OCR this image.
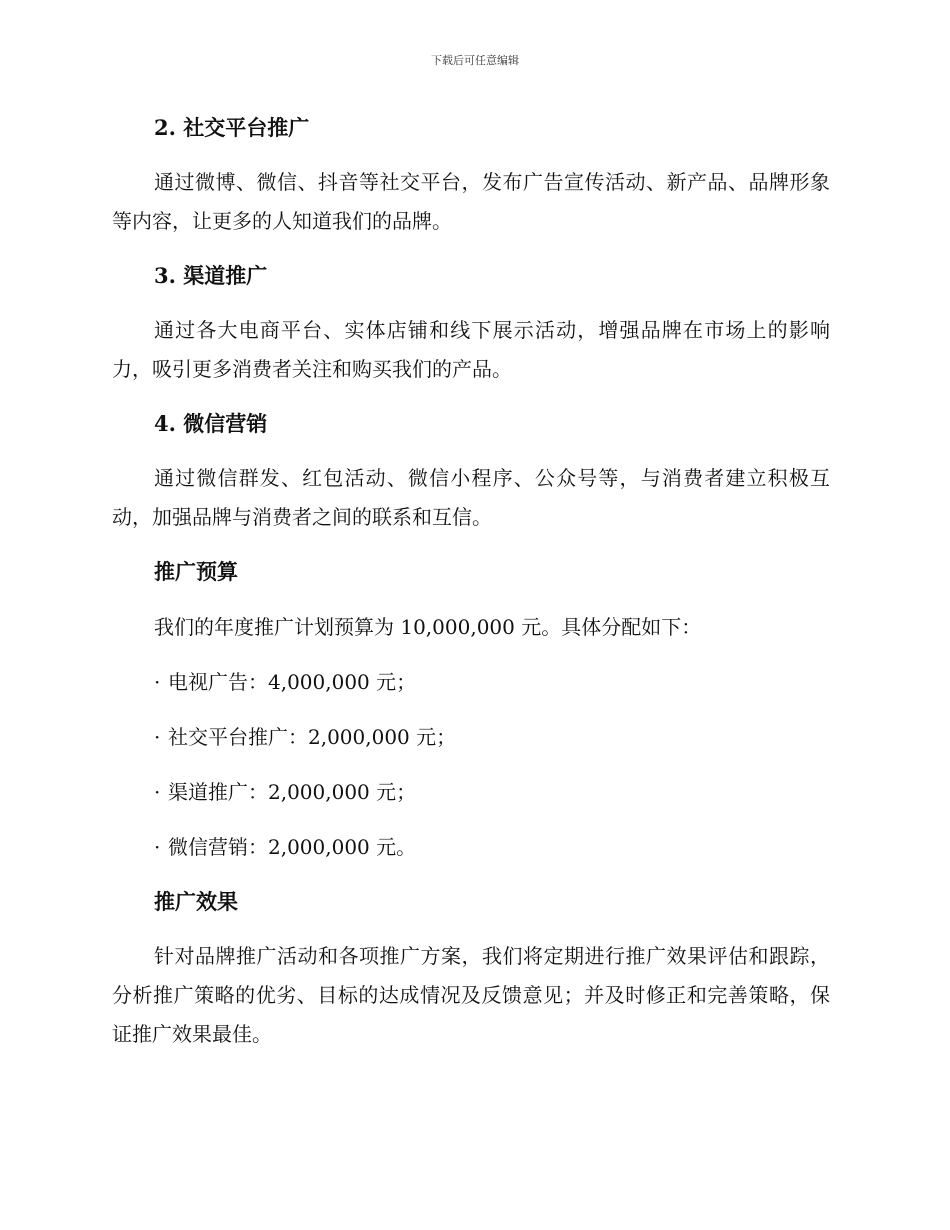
下载后可任意编辑
2. 社交平台推广
通过微博、微信、抖音等社交平台，发布广告宣传活动、新产品、品牌形象等内容，让更多的人知道我们的品牌。
3. 渠道推广
通过各大电商平台、实体店铺和线下展示活动，增强品牌在市场上的影响力，吸引更多消费者关注和购买我们的产品。
4. 微信营销
通过微信群发、红包活动、微信小程序、公众号等，与消费者建立积极互动，加强品牌与消费者之间的联系和互信。
推广预算
我们的年度推广计划预算为 10,000,000 元。具体分配如下：
· 电视广告：4,000,000 元；
· 社交平台推广：2,000,000 元；
· 渠道推广：2,000,000 元；
· 微信营销：2,000,000 元。
推广效果
针对品牌推广活动和各项推广方案，我们将定期进行推广效果评估和跟踪，分析推广策略的优劣、目标的达成情况及反馈意见；并及时修正和完善策略，保证推广效果最佳。
